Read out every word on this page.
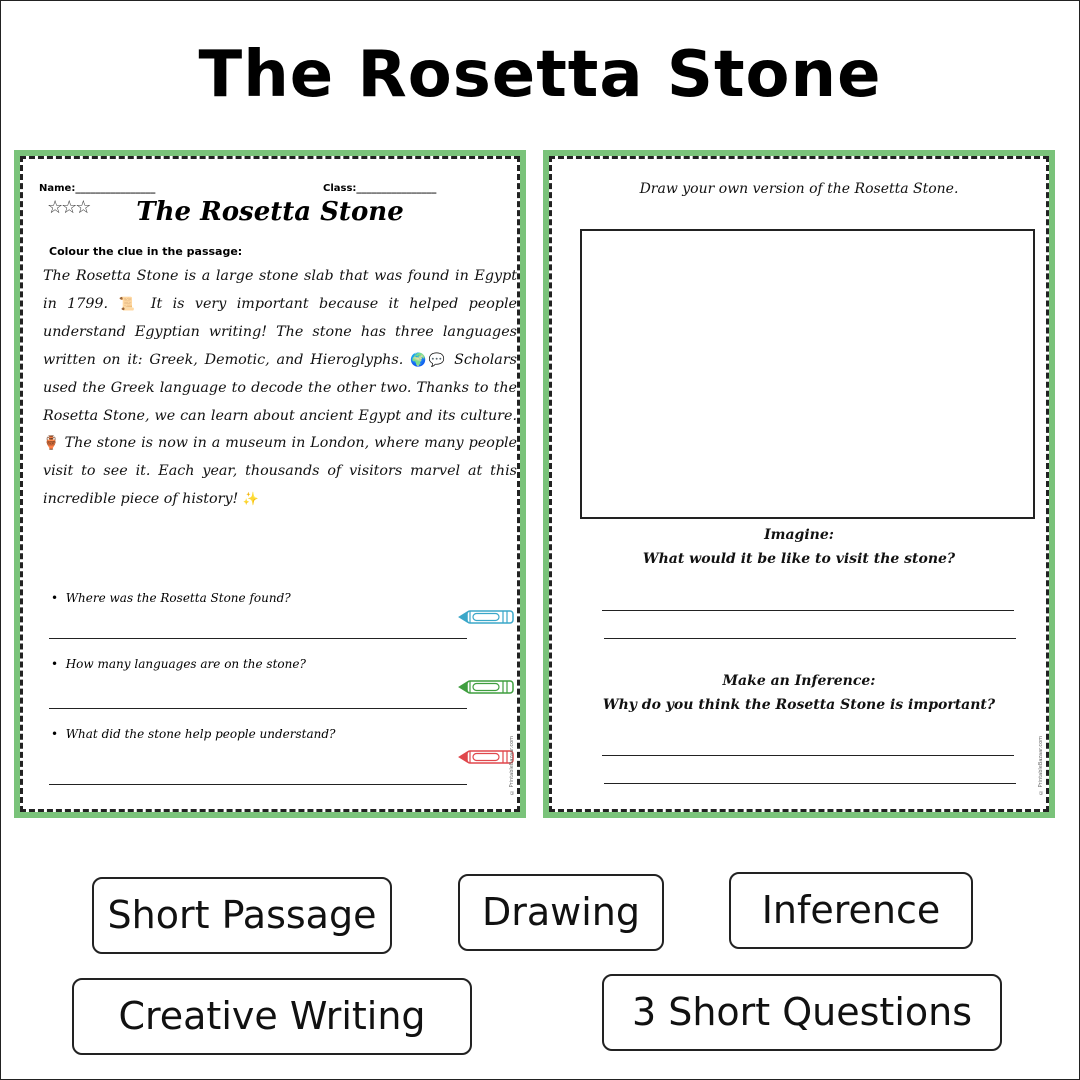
The Rosetta Stone
Name:________________	Class:________________
☆☆☆	The Rosetta Stone
Colour the clue in the passage:
The Rosetta Stone is a large stone slab that was found in Egypt in 1799. 📜 It is very important because it helped people understand Egyptian writing! The stone has three languages written on it: Greek, Demotic, and Hieroglyphs. 🌍💬 Scholars used the Greek language to decode the other two. Thanks to the Rosetta Stone, we can learn about ancient Egypt and its culture. 🏺 The stone is now in a museum in London, where many people visit to see it. Each year, thousands of visitors marvel at this incredible piece of history! ✨
•  Where was the Rosetta Stone found?
•  How many languages are on the stone?
•  What did the stone help people understand?
© PrintableBazaar.com
Draw your own version of the Rosetta Stone.
Imagine:
What would it be like to visit the stone?
Make an Inference:
Why do you think the Rosetta Stone is important?
© PrintableBazaar.com
Short Passage	Drawing	Inference
Creative Writing	3 Short Questions
